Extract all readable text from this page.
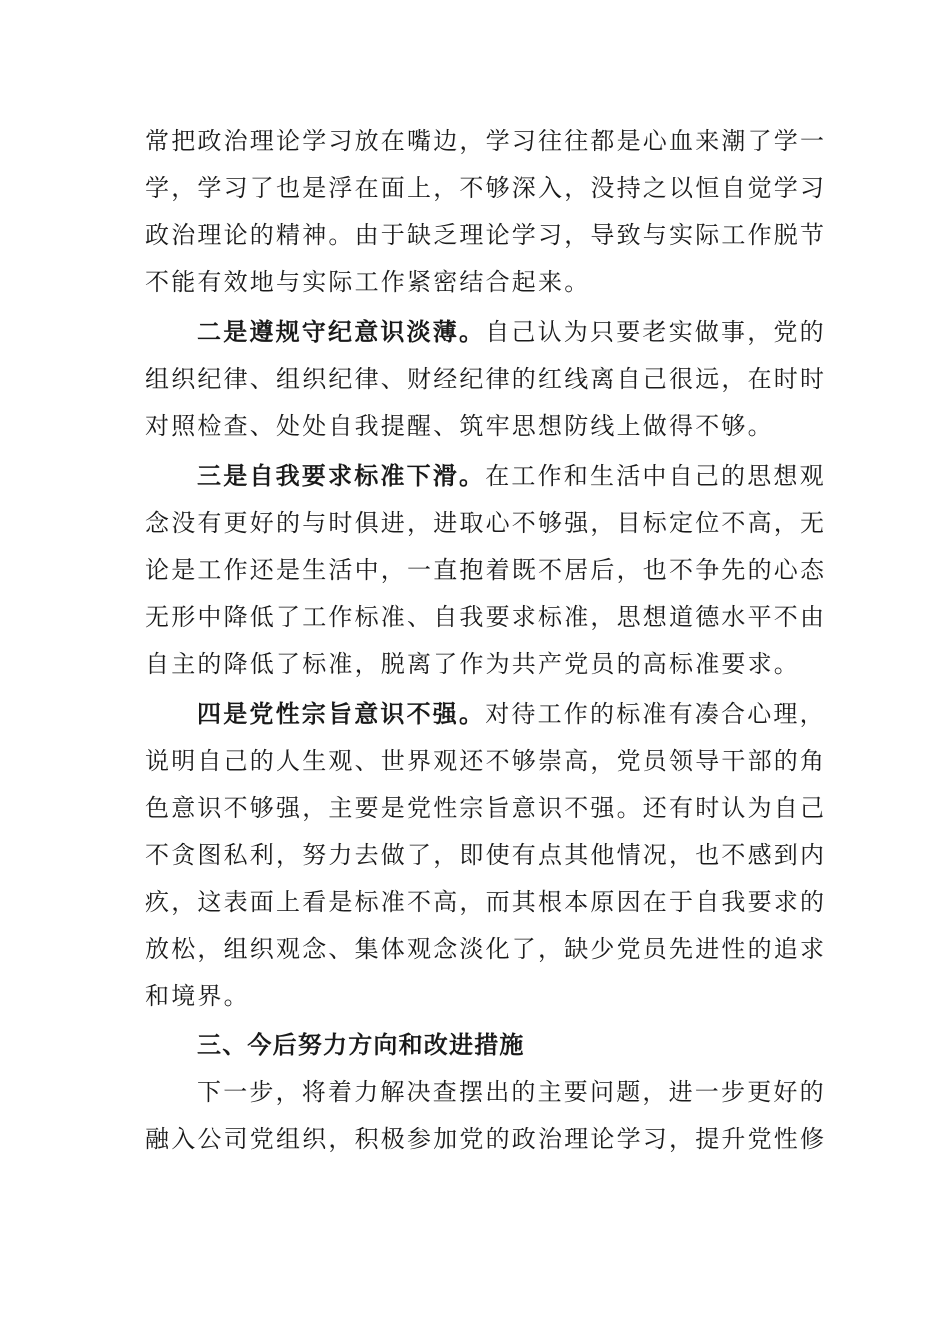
常把政治理论学习放在嘴边，学习往往都是心血来潮了学一
学，学习了也是浮在面上，不够深入，没持之以恒自觉学习
政治理论的精神。由于缺乏理论学习，导致与实际工作脱节
不能有效地与实际工作紧密结合起来。

二是遵规守纪意识淡薄。自己认为只要老实做事，党的
组织纪律、组织纪律、财经纪律的红线离自己很远，在时时
对照检查、处处自我提醒、筑牢思想防线上做得不够。

三是自我要求标准下滑。在工作和生活中自己的思想观
念没有更好的与时俱进，进取心不够强，目标定位不高，无
论是工作还是生活中，一直抱着既不居后，也不争先的心态
无形中降低了工作标准、自我要求标准，思想道德水平不由
自主的降低了标准，脱离了作为共产党员的高标准要求。

四是党性宗旨意识不强。对待工作的标准有凑合心理，
说明自己的人生观、世界观还不够崇高，党员领导干部的角
色意识不够强，主要是党性宗旨意识不强。还有时认为自己
不贪图私利，努力去做了，即使有点其他情况，也不感到内
疚，这表面上看是标准不高，而其根本原因在于自我要求的
放松，组织观念、集体观念淡化了，缺少党员先进性的追求
和境界。

三、今后努力方向和改进措施

下一步，将着力解决查摆出的主要问题，进一步更好的
融入公司党组织，积极参加党的政治理论学习，提升党性修
